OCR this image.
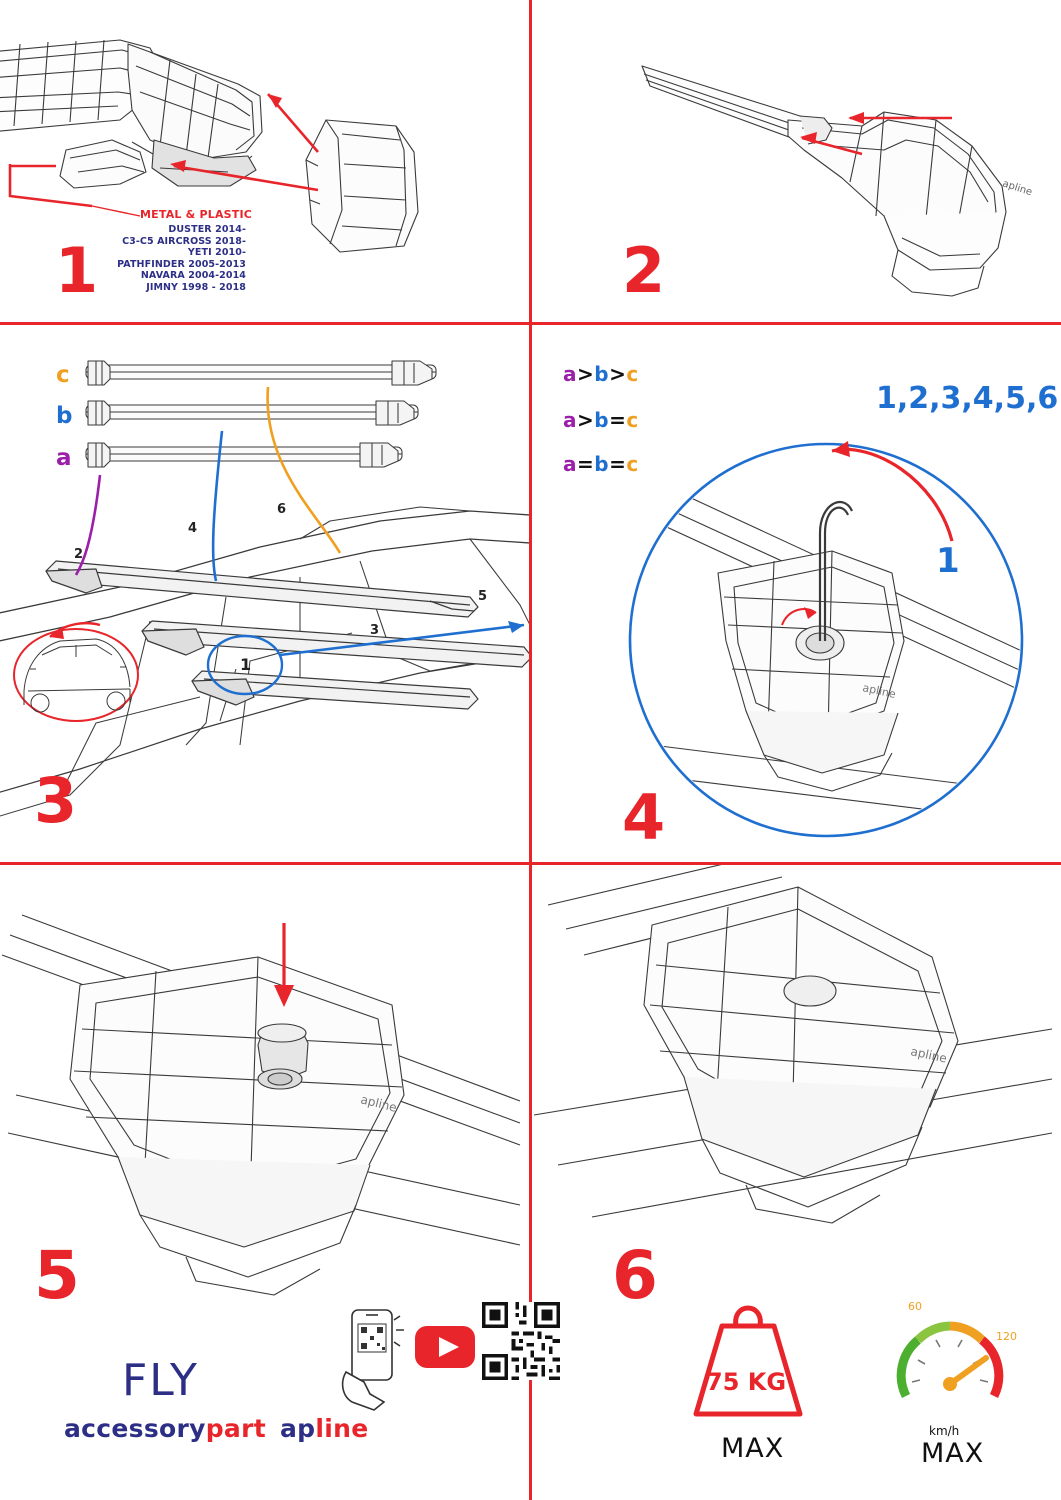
METAL & PLASTIC
DUSTER 2014-
C3-C5 AIRCROSS 2018-
YETI 2010-
PATHFINDER 2005-2013
NAVARA 2004-2014
JIMNY 1998 - 2018
1
apline
2
c
b
a
2
4
6
5
3
1
3
a>b>c
a>b=c
a=b=c
apline
1
4
1,2,3,4,5,6
apline
5
FLY
accessorypart apline
apline
6
75 KG
MAX
60
120
km/h
MAX
